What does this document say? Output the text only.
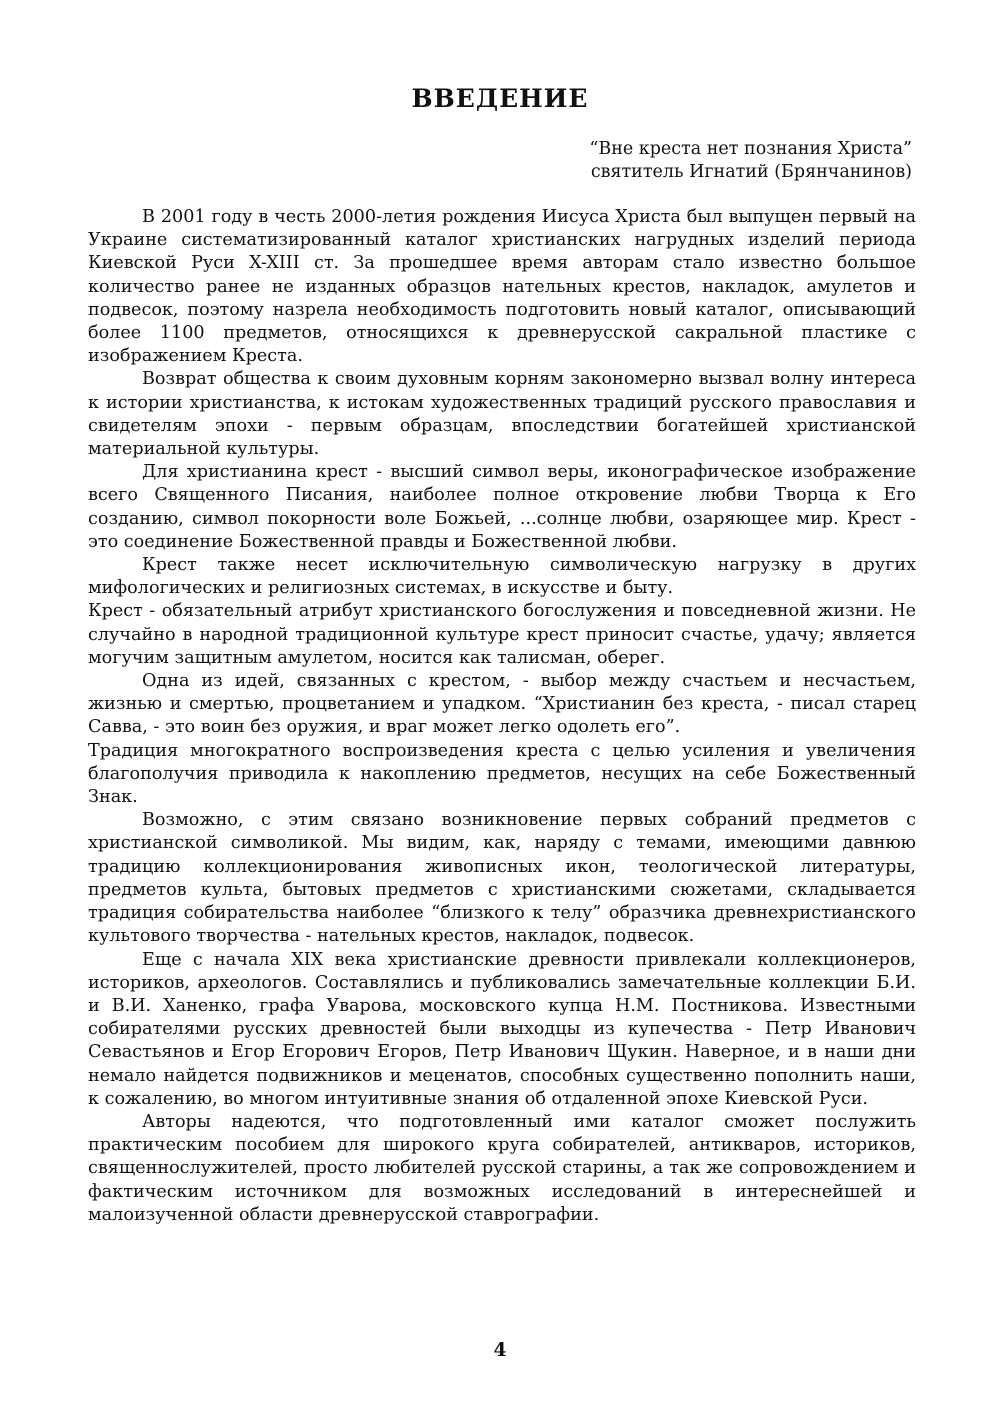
ВВЕДЕНИЕ
“Вне креста нет познания Христа”
святитель Игнатий (Брянчанинов)

В 2001 году в честь 2000-летия рождения Иисуса Христа был выпущен первый на Украине систематизированный каталог христианских нагрудных изделий периода Киевской Руси X-XIII ст. За прошедшее время авторам стало известно большое количество ранее не изданных образцов нательных крестов, накладок, амулетов и подвесок, поэтому назрела необходимость подготовить новый каталог, описывающий более 1100 предметов, относящихся к древнерусской сакральной пластике с изображением Креста.

Возврат общества к своим духовным корням закономерно вызвал волну интереса к истории христианства, к истокам художественных традиций русского православия и свидетелям эпохи - первым образцам, впоследствии богатейшей христианской материальной культуры.

Для христианина крест - высший символ веры, иконографическое изображение всего Священного Писания, наиболее полное откровение любви Творца к Его созданию, символ покорности воле Божьей, ...солнце любви, озаряющее мир. Крест - это соединение Божественной правды и Божественной любви.

Крест также несет исключительную символическую нагрузку в других мифологических и религиозных системах, в искусстве и быту.

Крест - обязательный атрибут христианского богослужения и повседневной жизни. Не случайно в народной традиционной культуре крест приносит счастье, удачу; является могучим защитным амулетом, носится как талисман, оберег.

Одна из идей, связанных с крестом, - выбор между счастьем и несчастьем, жизнью и смертью, процветанием и упадком. “Христианин без креста, - писал старец Савва, - это воин без оружия, и враг может легко одолеть его”.

Традиция многократного воспроизведения креста с целью усиления и увеличения благополучия приводила к накоплению предметов, несущих на себе Божественный Знак.

Возможно, с этим связано возникновение первых собраний предметов с христианской символикой. Мы видим, как, наряду с темами, имеющими давнюю традицию коллекционирования живописных икон, теологической литературы, предметов культа, бытовых предметов с христианскими сюжетами, складывается традиция собирательства наиболее “близкого к телу” образчика древнехристианского культового творчества - нательных крестов, накладок, подвесок.

Еще с начала XIX века христианские древности привлекали коллекционеров, историков, археологов. Составлялись и публиковались замечательные коллекции Б.И. и В.И. Ханенко, графа Уварова, московского купца Н.М. Постникова. Известными собирателями русских древностей были выходцы из купечества - Петр Иванович Севастьянов и Егор Егорович Егоров, Петр Иванович Щукин. Наверное, и в наши дни немало найдется подвижников и меценатов, способных существенно пополнить наши, к сожалению, во многом интуитивные знания об отдаленной эпохе Киевской Руси.

Авторы надеются, что подготовленный ими каталог сможет послужить практическим пособием для широкого круга собирателей, антикваров, историков, священнослужителей, просто любителей русской старины, а так же сопровождением и фактическим источником для возможных исследований в интереснейшей и малоизученной области древнерусской ставрографии.

4
